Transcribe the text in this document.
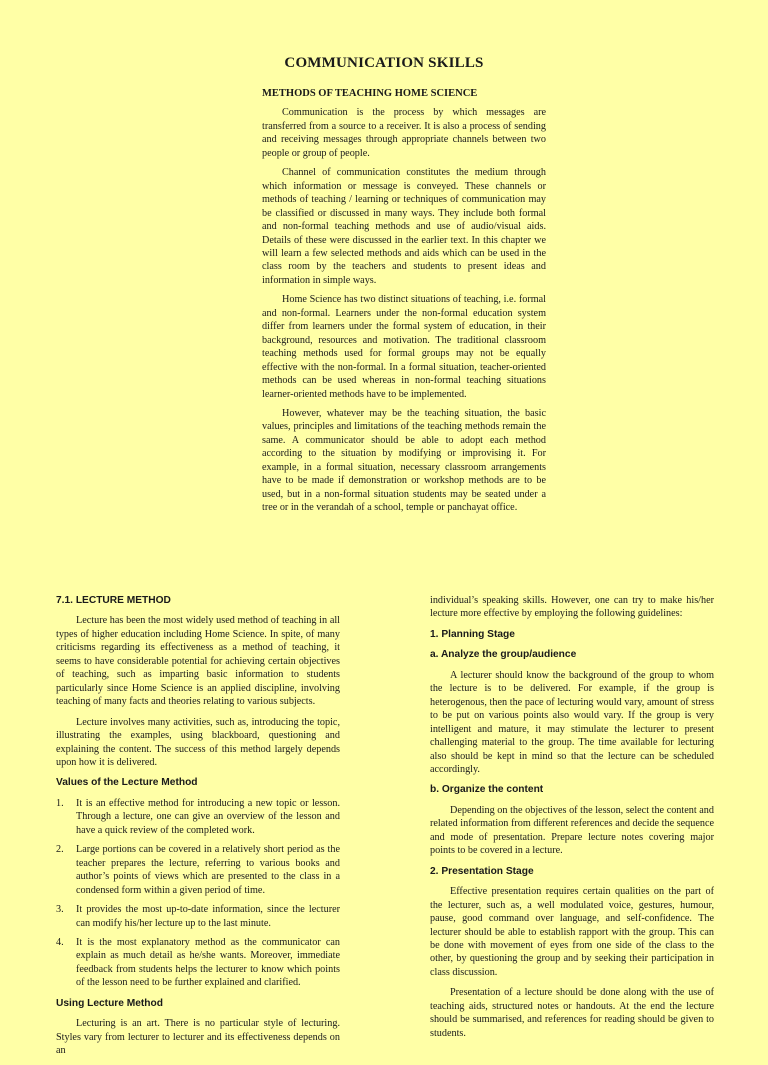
COMMUNICATION SKILLS
METHODS OF TEACHING HOME SCIENCE

Communication is the process by which messages are transferred from a source to a receiver. It is also a process of sending and receiving messages through appropriate channels between two people or group of people.

Channel of communication constitutes the medium through which information or message is conveyed. These channels or methods of teaching / learning or techniques of communication may be classified or discussed in many ways. They include both formal and non-formal teaching methods and use of audio/visual aids. Details of these were discussed in the earlier text. In this chapter we will learn a few selected methods and aids which can be used in the class room by the teachers and students to present ideas and information in simple ways.

Home Science has two distinct situations of teaching, i.e. formal and non-formal. Learners under the non-formal education system differ from learners under the formal system of education, in their background, resources and motivation. The traditional classroom teaching methods used for formal groups may not be equally effective with the non-formal. In a formal situation, teacher-oriented methods can be used whereas in non-formal teaching situations learner-oriented methods have to be implemented.

However, whatever may be the teaching situation, the basic values, principles and limitations of the teaching methods remain the same. A communicator should be able to adopt each method according to the situation by modifying or improvising it. For example, in a formal situation, necessary classroom arrangements have to be made if demonstration or workshop methods are to be used, but in a non-formal situation students may be seated under a tree or in the verandah of a school, temple or panchayat office.

7.1. LECTURE METHOD

Lecture has been the most widely used method of teaching in all types of higher education including Home Science. In spite, of many criticisms regarding its effectiveness as a method of teaching, it seems to have considerable potential for achieving certain objectives of teaching, such as imparting basic information to students particularly since Home Science is an applied discipline, involving teaching of many facts and theories relating to various subjects.

Lecture involves many activities, such as, introducing the topic, illustrating the examples, using blackboard, questioning and explaining the content. The success of this method largely depends upon how it is delivered.

Values of the Lecture Method
1. It is an effective method for introducing a new topic or lesson. Through a lecture, one can give an overview of the lesson and have a quick review of the completed work.
2. Large portions can be covered in a relatively short period as the teacher prepares the lecture, referring to various books and author’s points of views which are presented to the class in a condensed form within a given period of time.
3. It provides the most up-to-date information, since the lecturer can modify his/her lecture up to the last minute.
4. It is the most explanatory method as the communicator can explain as much detail as he/she wants. Moreover, immediate feedback from students helps the lecturer to know which points of the lesson need to be further explained and clarified.
Using Lecture Method

Lecturing is an art. There is no particular style of lecturing. Styles vary from lecturer to lecturer and its effectiveness depends on an

individual’s speaking skills. However, one can try to make his/her lecture more effective by employing the following guidelines:

1. Planning Stage
a. Analyze the group/audience

A lecturer should know the background of the group to whom the lecture is to be delivered. For example, if the group is heterogenous, then the pace of lecturing would vary, amount of stress to be put on various points also would vary. If the group is very intelligent and mature, it may stimulate the lecturer to present challenging material to the group. The time available for lecturing also should be kept in mind so that the lecture can be scheduled accordingly.

b. Organize the content

Depending on the objectives of the lesson, select the content and related information from different references and decide the sequence and mode of presentation. Prepare lecture notes covering major points to be covered in a lecture.

2. Presentation Stage

Effective presentation requires certain qualities on the part of the lecturer, such as, a well modulated voice, gestures, humour, pause, good command over language, and self-confidence. The lecturer should be able to establish rapport with the group. This can be done with movement of eyes from one side of the class to the other, by questioning the group and by seeking their participation in class discussion.

Presentation of a lecture should be done along with the use of teaching aids, structured notes or handouts. At the end the lecture should be summarised, and references for reading should be given to students.
